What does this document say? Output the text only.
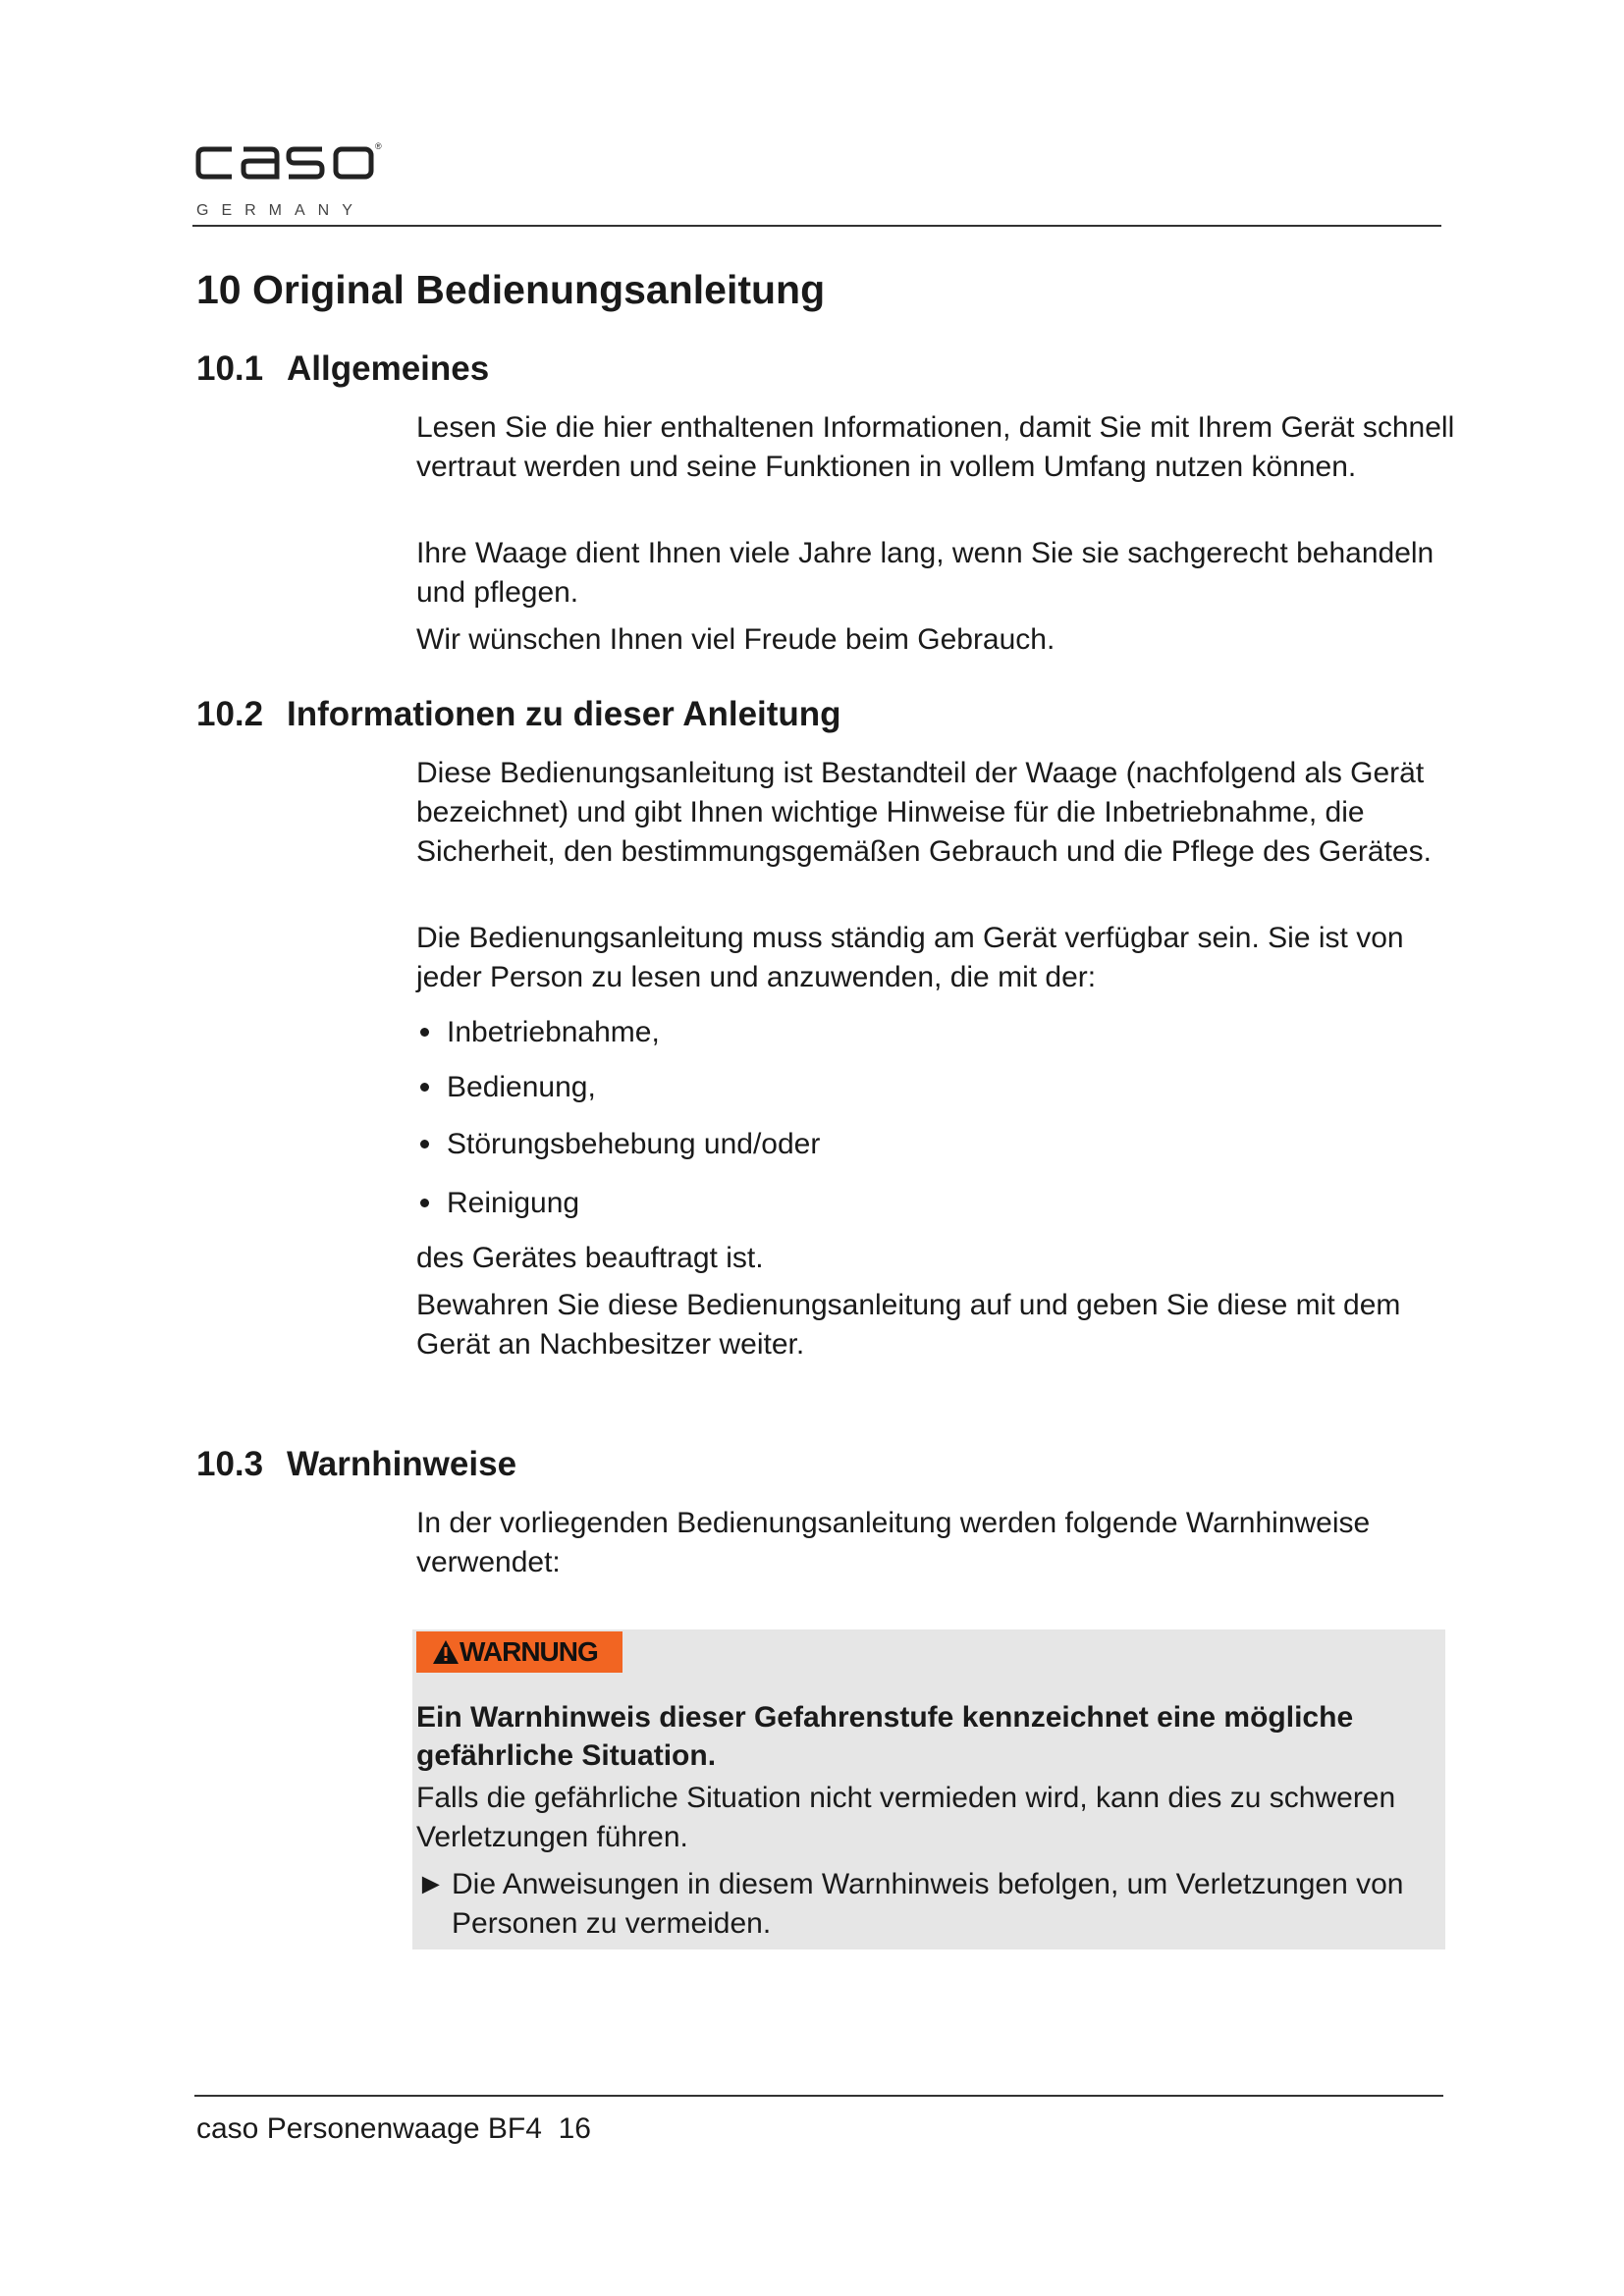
®
GERMANY
10 Original Bedienungsanleitung
10.1 Allgemeines

Lesen Sie die hier enthaltenen Informationen, damit Sie mit Ihrem Gerät schnell vertraut werden und seine Funktionen in vollem Umfang nutzen können.

Ihre Waage dient Ihnen viele Jahre lang, wenn Sie sie sachgerecht behandeln und pflegen.

Wir wünschen Ihnen viel Freude beim Gebrauch.

10.2 Informationen zu dieser Anleitung

Diese Bedienungsanleitung ist Bestandteil der Waage (nachfolgend als Gerät bezeichnet) und gibt Ihnen wichtige Hinweise für die Inbetriebnahme, die Sicherheit, den bestimmungsgemäßen Gebrauch und die Pflege des Gerätes.

Die Bedienungsanleitung muss ständig am Gerät verfügbar sein. Sie ist von jeder Person zu lesen und anzuwenden, die mit der:

Inbetriebnahme,
Bedienung,
Störungsbehebung und/oder
Reinigung

des Gerätes beauftragt ist.

Bewahren Sie diese Bedienungsanleitung auf und geben Sie diese mit dem Gerät an Nachbesitzer weiter.

10.3 Warnhinweise

In der vorliegenden Bedienungsanleitung werden folgende Warnhinweise verwendet:

WARNUNG

Ein Warnhinweis dieser Gefahrenstufe kennzeichnet eine mögliche gefährliche Situation.

Falls die gefährliche Situation nicht vermieden wird, kann dies zu schweren Verletzungen führen.

► Die Anweisungen in diesem Warnhinweis befolgen, um Verletzungen von Personen zu vermeiden.

caso Personenwaage BF4 16
